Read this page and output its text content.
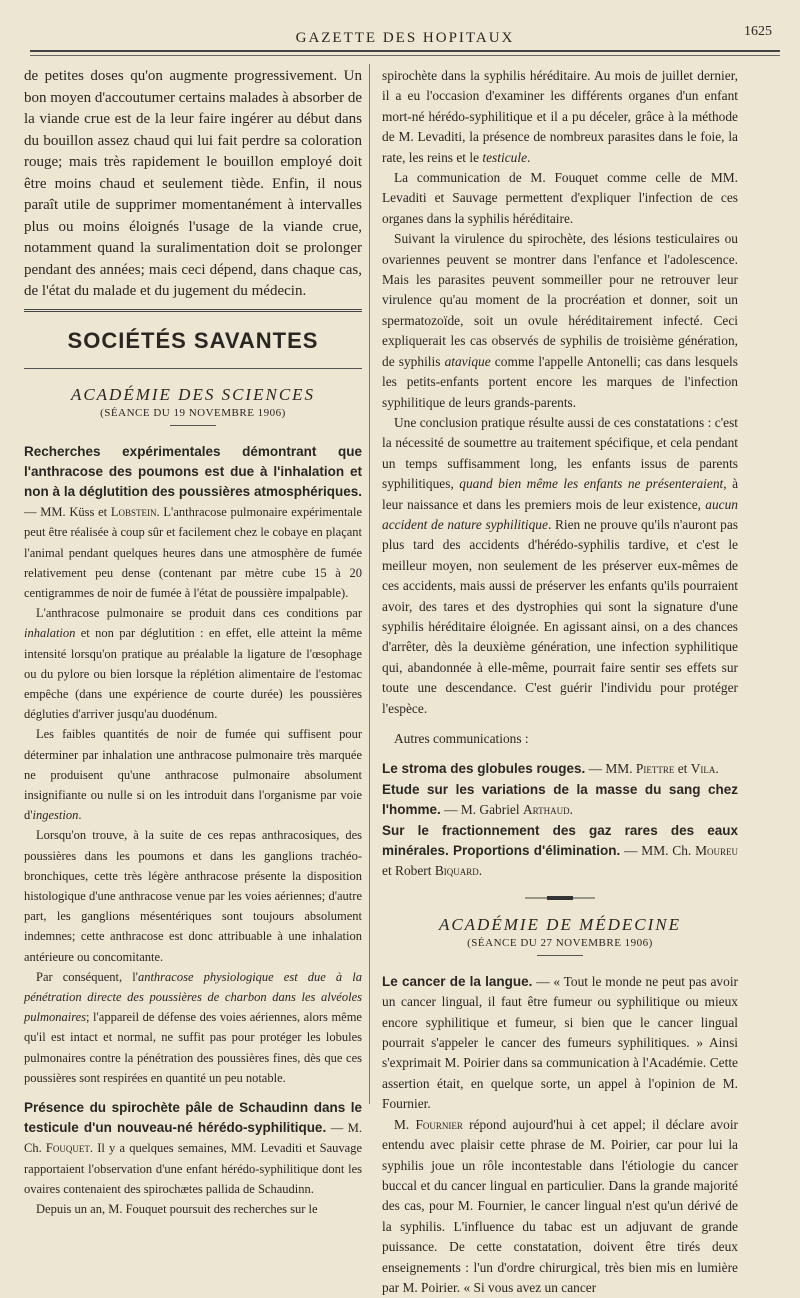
GAZETTE DES HOPITAUX	1625

de petites doses qu'on augmente progressivement. Un bon moyen d'accoutumer certains malades à absorber de la viande crue est de la leur faire ingérer au début dans du bouillon assez chaud qui lui fait perdre sa coloration rouge; mais très rapidement le bouillon employé doit être moins chaud et seulement tiède. Enfin, il nous paraît utile de supprimer momentanément à intervalles plus ou moins éloignés l'usage de la viande crue, notamment quand la suralimentation doit se prolonger pendant des années; mais ceci dépend, dans chaque cas, de l'état du malade et du jugement du médecin.

SOCIÉTÉS SAVANTES
ACADÉMIE DES SCIENCES
(SÉANCE DU 19 NOVEMBRE 1906)

Recherches expérimentales démontrant que l'anthracose des poumons est due à l'inhalation et non à la déglutition des poussières atmosphériques. — MM. Küss et Lobstein. L'anthracose pulmonaire expérimentale peut être réalisée à coup sûr et facilement chez le cobaye en plaçant l'animal pendant quelques heures dans une atmosphère de fumée relativement peu dense (contenant par mètre cube 15 à 20 centigrammes de noir de fumée à l'état de poussière impalpable).

L'anthracose pulmonaire se produit dans ces conditions par inhalation et non par déglutition : en effet, elle atteint la même intensité lorsqu'on pratique au préalable la ligature de l'œsophage ou du pylore ou bien lorsque la réplétion alimentaire de l'estomac empêche (dans une expérience de courte durée) les poussières dégluties d'arriver jusqu'au duodénum.

Les faibles quantités de noir de fumée qui suffisent pour déterminer par inhalation une anthracose pulmonaire très marquée ne produisent qu'une anthracose pulmonaire absolument insignifiante ou nulle si on les introduit dans l'organisme par voie d'ingestion.

Lorsqu'on trouve, à la suite de ces repas anthracosiques, des poussières dans les poumons et dans les ganglions trachéo-bronchiques, cette très légère anthracose présente la disposition histologique d'une anthracose venue par les voies aériennes; d'autre part, les ganglions mésentériques sont toujours absolument indemnes; cette anthracose est donc attribuable à une inhalation antérieure ou concomitante.

Par conséquent, l'anthracose physiologique est due à la pénétration directe des poussières de charbon dans les alvéoles pulmonaires; l'appareil de défense des voies aériennes, alors même qu'il est intact et normal, ne suffit pas pour protéger les lobules pulmonaires contre la pénétration des poussières fines, dès que ces poussières sont respirées en quantité un peu notable.

Présence du spirochète pâle de Schaudinn dans le testicule d'un nouveau-né hérédo-syphilitique. — M. Ch. Fouquet. Il y a quelques semaines, MM. Levaditi et Sauvage rapportaient l'observation d'une enfant hérédo-syphilitique dont les ovaires contenaient des spirochætes pallida de Schaudinn.

Depuis un an, M. Fouquet poursuit des recherches sur le

spirochète dans la syphilis héréditaire. Au mois de juillet dernier, il a eu l'occasion d'examiner les différents organes d'un enfant mort-né hérédo-syphilitique et il a pu déceler, grâce à la méthode de M. Levaditi, la présence de nombreux parasites dans le foie, la rate, les reins et le testicule.

La communication de M. Fouquet comme celle de MM. Levaditi et Sauvage permettent d'expliquer l'infection de ces organes dans la syphilis héréditaire.

Suivant la virulence du spirochète, des lésions testiculaires ou ovariennes peuvent se montrer dans l'enfance et l'adolescence. Mais les parasites peuvent sommeiller pour ne retrouver leur virulence qu'au moment de la procréation et donner, soit un spermatozoïde, soit un ovule héréditairement infecté. Ceci expliquerait les cas observés de syphilis de troisième génération, de syphilis atavique comme l'appelle Antonelli; cas dans lesquels les petits-enfants portent encore les marques de l'infection syphilitique de leurs grands-parents.

Une conclusion pratique résulte aussi de ces constatations : c'est la nécessité de soumettre au traitement spécifique, et cela pendant un temps suffisamment long, les enfants issus de parents syphilitiques, quand bien même les enfants ne présenteraient, à leur naissance et dans les premiers mois de leur existence, aucun accident de nature syphilitique. Rien ne prouve qu'ils n'auront pas plus tard des accidents d'hérédo-syphilis tardive, et c'est le meilleur moyen, non seulement de les préserver eux-mêmes de ces accidents, mais aussi de préserver les enfants qu'ils pourraient avoir, des tares et des dystrophies qui sont la signature d'une syphilis héréditaire éloignée. En agissant ainsi, on a des chances d'arrêter, dès la deuxième génération, une infection syphilitique qui, abandonnée à elle-même, pourrait faire sentir ses effets sur toute une descendance. C'est guérir l'individu pour protéger l'espèce.

Autres communications :

Le stroma des globules rouges. — MM. Piettre et Vila.

Etude sur les variations de la masse du sang chez l'homme. — M. Gabriel Arthaud.

Sur le fractionnement des gaz rares des eaux minérales. Proportions d'élimination. — MM. Ch. Moureu et Robert Biquard.

ACADÉMIE DE MÉDECINE
(SÉANCE DU 27 NOVEMBRE 1906)

Le cancer de la langue. — « Tout le monde ne peut pas avoir un cancer lingual, il faut être fumeur ou syphilitique ou mieux encore syphilitique et fumeur, si bien que le cancer lingual pourrait s'appeler le cancer des fumeurs syphilitiques. » Ainsi s'exprimait M. Poirier dans sa communication à l'Académie. Cette assertion était, en quelque sorte, un appel à l'opinion de M. Fournier.

M. Fournier répond aujourd'hui à cet appel; il déclare avoir entendu avec plaisir cette phrase de M. Poirier, car pour lui la syphilis joue un rôle incontestable dans l'étiologie du cancer buccal et du cancer lingual en particulier. Dans la grande majorité des cas, pour M. Fournier, le cancer lingual n'est qu'un dérivé de la syphilis. L'influence du tabac est un adjuvant de grande puissance. De cette constatation, doivent être tirés deux enseignements : l'un d'ordre chirurgical, très bien mis en lumière par M. Poirier. « Si vous avez un cancer
